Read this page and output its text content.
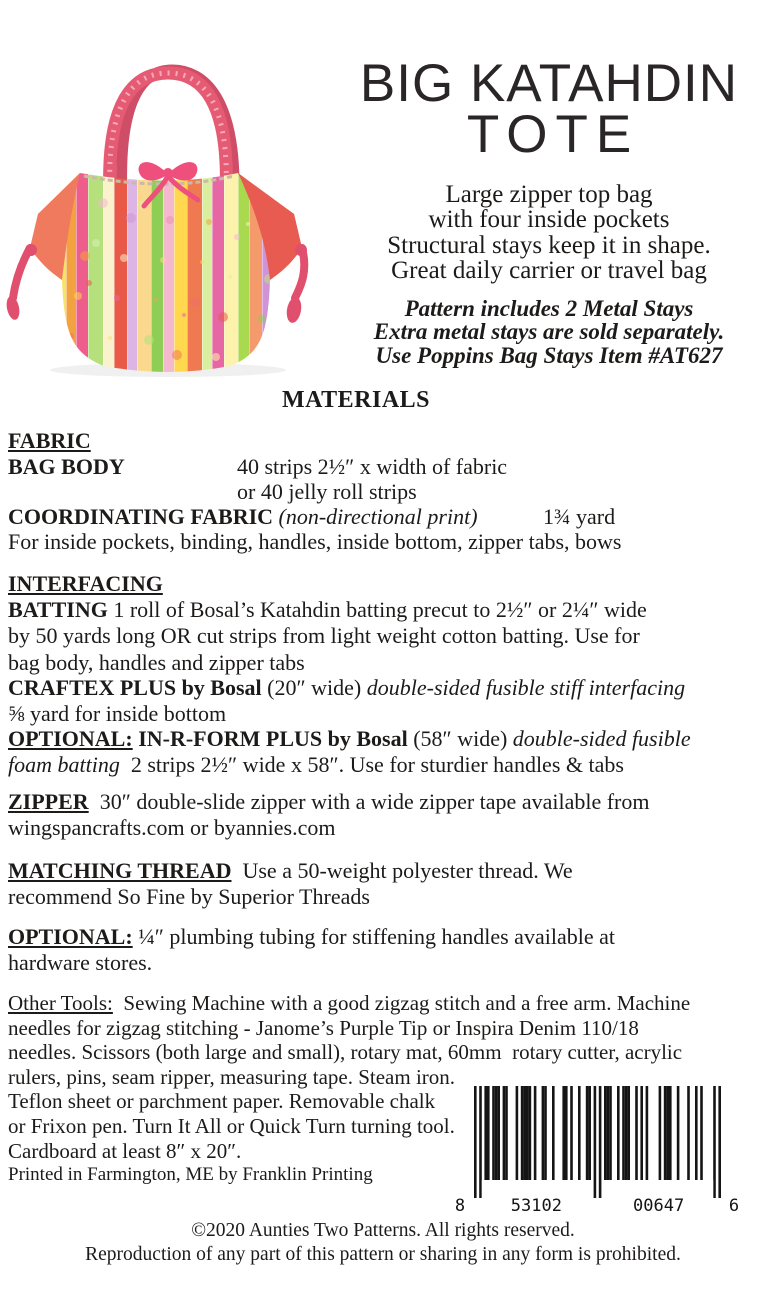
BIG KATAHDIN
TOTE
Large zipper top bag
with four inside pockets
Structural stays keep it in shape.
Great daily carrier or travel bag
Pattern includes 2 Metal Stays
Extra metal stays are sold separately.
Use Poppins Bag Stays Item #AT627
MATERIALS
FABRIC
BAG BODY	40 strips 2½″ x width of fabric
or 40 jelly roll strips
COORDINATING FABRIC (non-directional print)	1¾ yard
For inside pockets, binding, handles, inside bottom, zipper tabs, bows
INTERFACING
BATTING 1 roll of Bosal’s Katahdin batting precut to 2½″ or 2¼″ wide
by 50 yards long OR cut strips from light weight cotton batting. Use for
bag body, handles and zipper tabs
CRAFTEX PLUS by Bosal (20″ wide) double-sided fusible stiff interfacing
⅝ yard for inside bottom
OPTIONAL: IN-R-FORM PLUS by Bosal (58″ wide) double-sided fusible
foam batting  2 strips 2½″ wide x 58″. Use for sturdier handles & tabs
ZIPPER  30″ double-slide zipper with a wide zipper tape available from
wingspancrafts.com or byannies.com
MATCHING THREAD  Use a 50-weight polyester thread. We
recommend So Fine by Superior Threads
OPTIONAL: ¼″ plumbing tubing for stiffening handles available at
hardware stores.
Other Tools:  Sewing Machine with a good zigzag stitch and a free arm. Machine
needles for zigzag stitching - Janome’s Purple Tip or Inspira Denim 110/18
needles. Scissors (both large and small), rotary mat, 60mm  rotary cutter, acrylic
rulers, pins, seam ripper, measuring tape. Steam iron.
Teflon sheet or parchment paper. Removable chalk
or Frixon pen. Turn It All or Quick Turn turning tool.
Cardboard at least 8″ x 20″.
Printed in Farmington, ME by Franklin Printing
8	53102	00647	6
©2020 Aunties Two Patterns. All rights reserved.
Reproduction of any part of this pattern or sharing in any form is prohibited.
